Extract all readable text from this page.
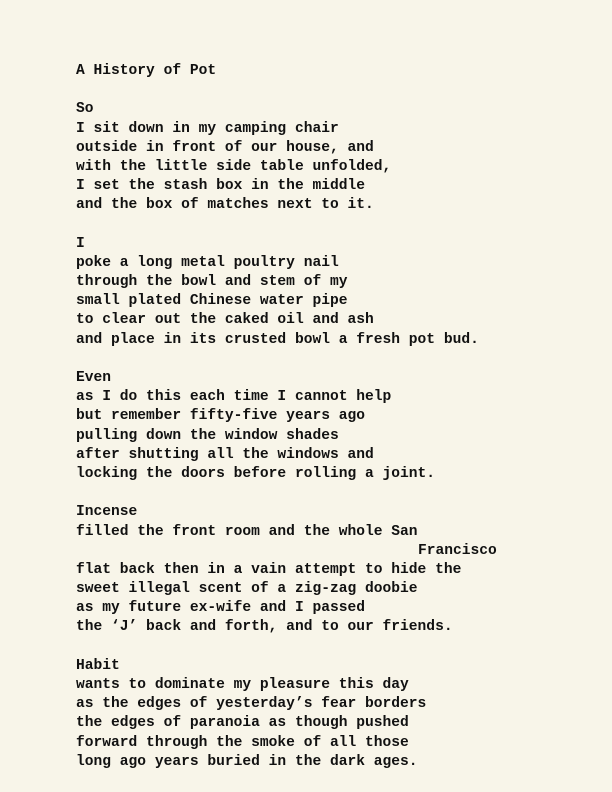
A History of Pot
So
I sit down in my camping chair
outside in front of our house, and
with the little side table unfolded,
I set the stash box in the middle
and the box of matches next to it.
I
poke a long metal poultry nail
through the bowl and stem of my
small plated Chinese water pipe
to clear out the caked oil and ash
and place in its crusted bowl a fresh pot bud.
Even
as I do this each time I cannot help
but remember fifty-five years ago
pulling down the window shades
after shutting all the windows and
locking the doors before rolling a joint.
Incense
filled the front room and the whole San
Francisco
flat back then in a vain attempt to hide the
sweet illegal scent of a zig-zag doobie
as my future ex-wife and I passed
the ‘J’ back and forth, and to our friends.
Habit
wants to dominate my pleasure this day
as the edges of yesterday’s fear borders
the edges of paranoia as though pushed
forward through the smoke of all those
long ago years buried in the dark ages.
